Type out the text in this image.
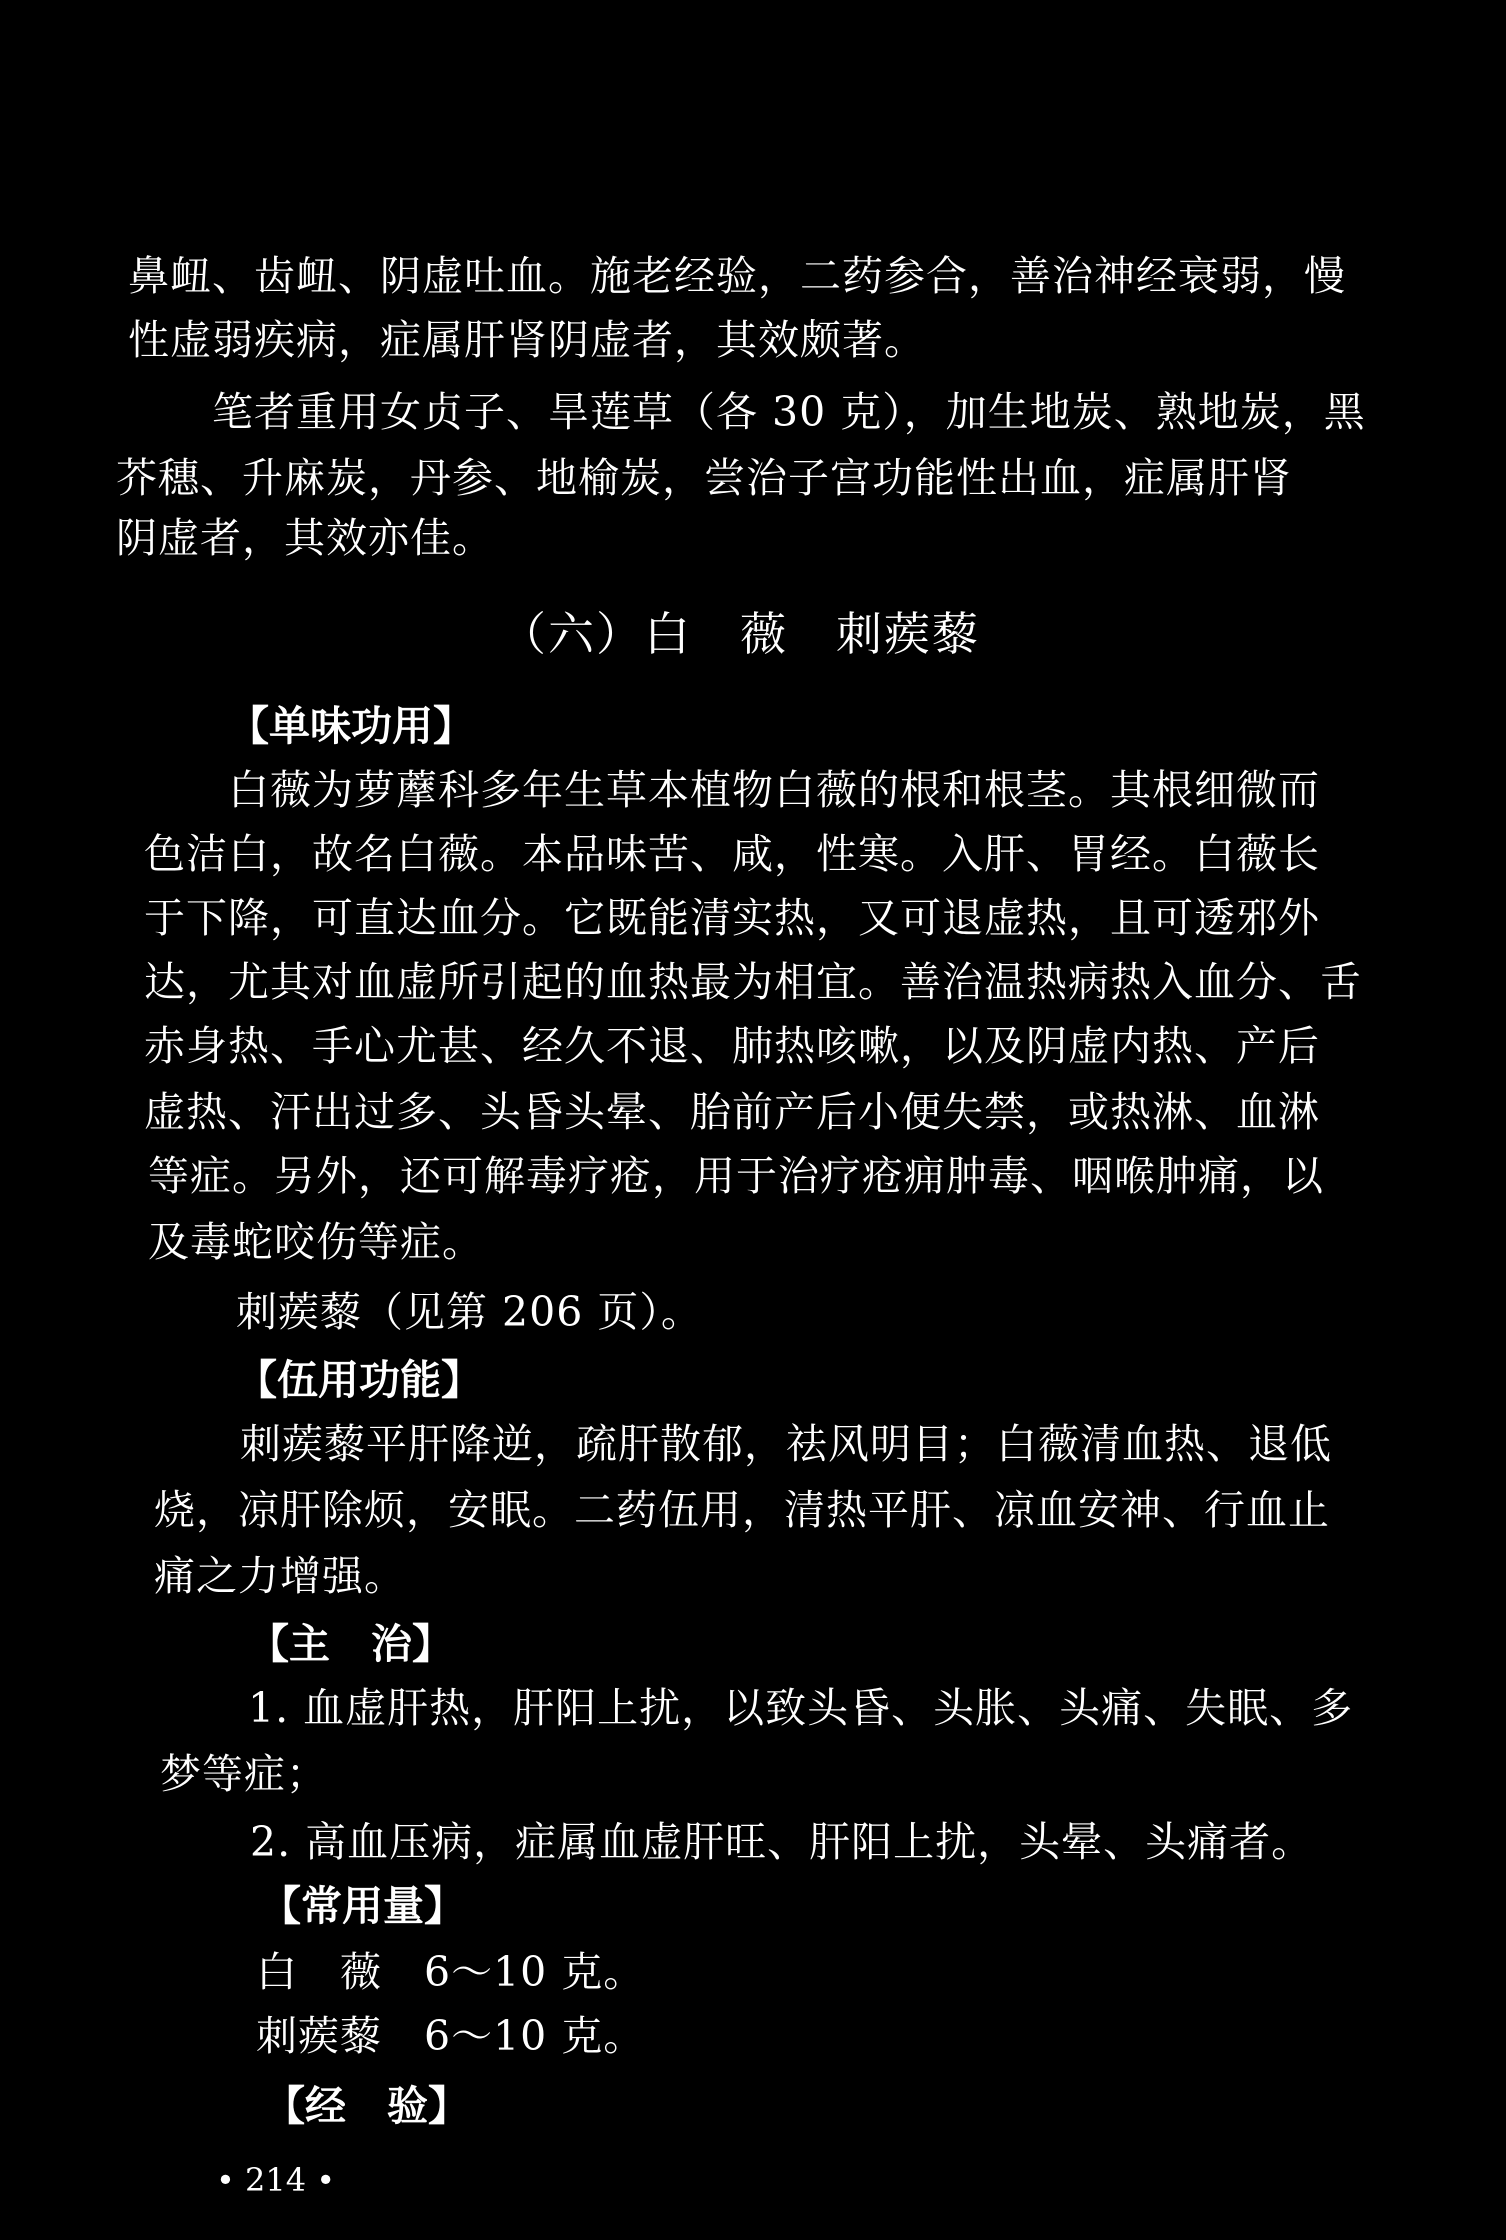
鼻衄、齿衄、阴虚吐血。施老经验，二药参合，善治神经衰弱，慢
性虚弱疾病，症属肝肾阴虚者，其效颇著。
笔者重用女贞子、旱莲草（各 30 克），加生地炭、熟地炭，黑
芥穗、升麻炭，丹参、地榆炭，尝治子宫功能性出血，症属肝肾
阴虚者，其效亦佳。
（六）白　薇　刺蒺藜
【单味功用】
白薇为萝藦科多年生草本植物白薇的根和根茎。其根细微而
色洁白，故名白薇。本品味苦、咸，性寒。入肝、胃经。白薇长
于下降，可直达血分。它既能清实热，又可退虚热，且可透邪外
达，尤其对血虚所引起的血热最为相宜。善治温热病热入血分、舌
赤身热、手心尤甚、经久不退、肺热咳嗽，以及阴虚内热、产后
虚热、汗出过多、头昏头晕、胎前产后小便失禁，或热淋、血淋
等症。另外，还可解毒疗疮，用于治疗疮痈肿毒、咽喉肿痛，以
及毒蛇咬伤等症。
刺蒺藜（见第 206 页）。
【伍用功能】
刺蒺藜平肝降逆，疏肝散郁，祛风明目；白薇清血热、退低
烧，凉肝除烦，安眠。二药伍用，清热平肝、凉血安神、行血止
痛之力增强。
【主　治】
1. 血虚肝热，肝阳上扰，以致头昏、头胀、头痛、失眠、多
梦等症；
2. 高血压病，症属血虚肝旺、肝阳上扰，头晕、头痛者。
【常用量】
白　薇　6～10 克。
刺蒺藜　6～10 克。
【经　验】
• 214 •
